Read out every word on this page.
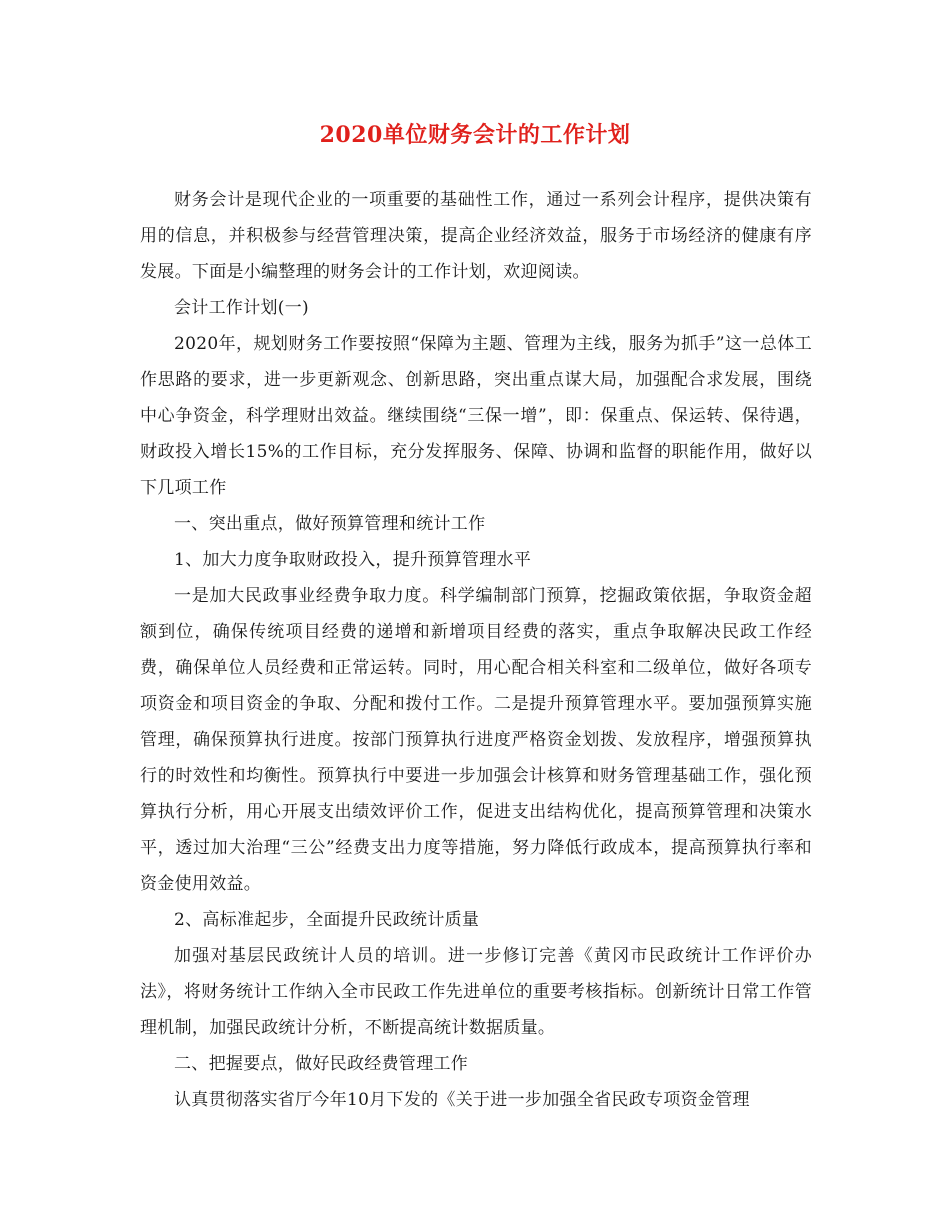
2020单位财务会计的工作计划

财务会计是现代企业的一项重要的基础性工作，通过一系列会计程序，提供决策有用的信息，并积极参与经营管理决策，提高企业经济效益，服务于市场经济的健康有序发展。下面是小编整理的财务会计的工作计划，欢迎阅读。

会计工作计划(一)

2020年，规划财务工作要按照“保障为主题、管理为主线，服务为抓手”这一总体工作思路的要求，进一步更新观念、创新思路，突出重点谋大局，加强配合求发展，围绕中心争资金，科学理财出效益。继续围绕“三保一增”，即：保重点、保运转、保待遇，财政投入增长15%的工作目标，充分发挥服务、保障、协调和监督的职能作用，做好以下几项工作

一、突出重点，做好预算管理和统计工作

1、加大力度争取财政投入，提升预算管理水平

一是加大民政事业经费争取力度。科学编制部门预算，挖掘政策依据，争取资金超额到位，确保传统项目经费的递增和新增项目经费的落实，重点争取解决民政工作经费，确保单位人员经费和正常运转。同时，用心配合相关科室和二级单位，做好各项专项资金和项目资金的争取、分配和拨付工作。二是提升预算管理水平。要加强预算实施管理，确保预算执行进度。按部门预算执行进度严格资金划拨、发放程序，增强预算执行的时效性和均衡性。预算执行中要进一步加强会计核算和财务管理基础工作，强化预算执行分析，用心开展支出绩效评价工作，促进支出结构优化，提高预算管理和决策水平，透过加大治理“三公”经费支出力度等措施，努力降低行政成本，提高预算执行率和资金使用效益。

2、高标准起步，全面提升民政统计质量

加强对基层民政统计人员的培训。进一步修订完善《黄冈市民政统计工作评价办法》，将财务统计工作纳入全市民政工作先进单位的重要考核指标。创新统计日常工作管理机制，加强民政统计分析，不断提高统计数据质量。

二、把握要点，做好民政经费管理工作

认真贯彻落实省厅今年10月下发的《关于进一步加强全省民政专项资金管理
